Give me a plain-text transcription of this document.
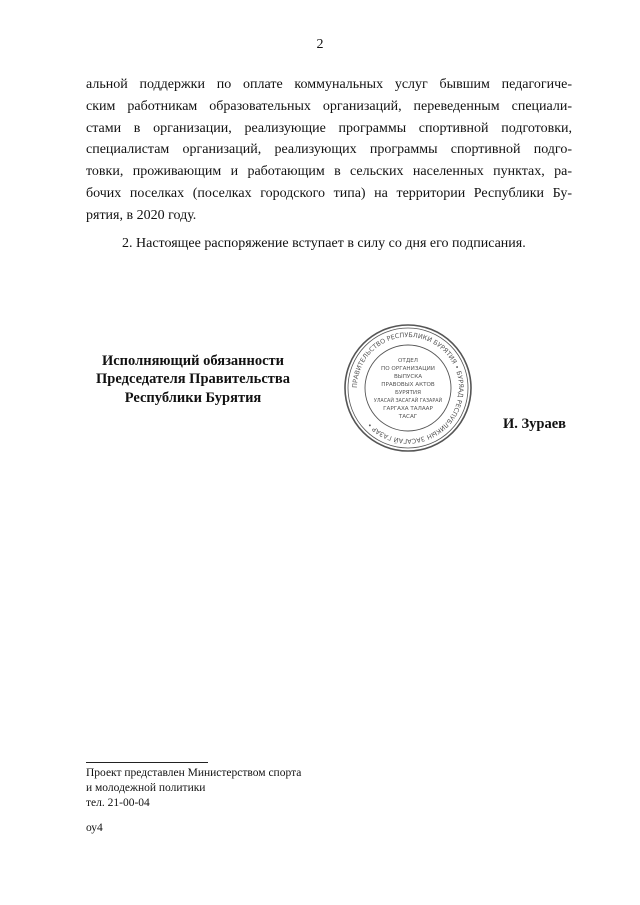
2
альной поддержки по оплате коммунальных услуг бывшим педагогиче-
ским работникам образовательных организаций, переведенным специали-
стами в организации, реализующие программы спортивной подготовки,
специалистам организаций, реализующих программы спортивной подго-
товки, проживающим и работающим в сельских населенных пунктах, ра-
бочих поселках (поселках городского типа) на территории Республики Бу-
рятия, в 2020 году.
2. Настоящее распоряжение вступает в силу со дня его подписания.
Исполняющий обязанности
Председателя Правительства
Республики Бурятия
ПРАВИТЕЛЬСТВО РЕСПУБЛИКИ БУРЯТИЯ • БУРЯАД РЕСПУБЛИКЫН ЗАСАГАЙ ГАЗАР •
ОТДЕЛ
ПО ОРГАНИЗАЦИИ
ВЫПУСКА
ПРАВОВЫХ АКТОВ
БУРЯТИЯ
УЛАСАЙ ЗАСАГАЙ ГАЗАРАЙ
ГАРГАХА ТАЛААР
ТАСАГ	И. Зураев
Проект представлен Министерством спорта
и молодежной политики
тел. 21-00-04
оу4
